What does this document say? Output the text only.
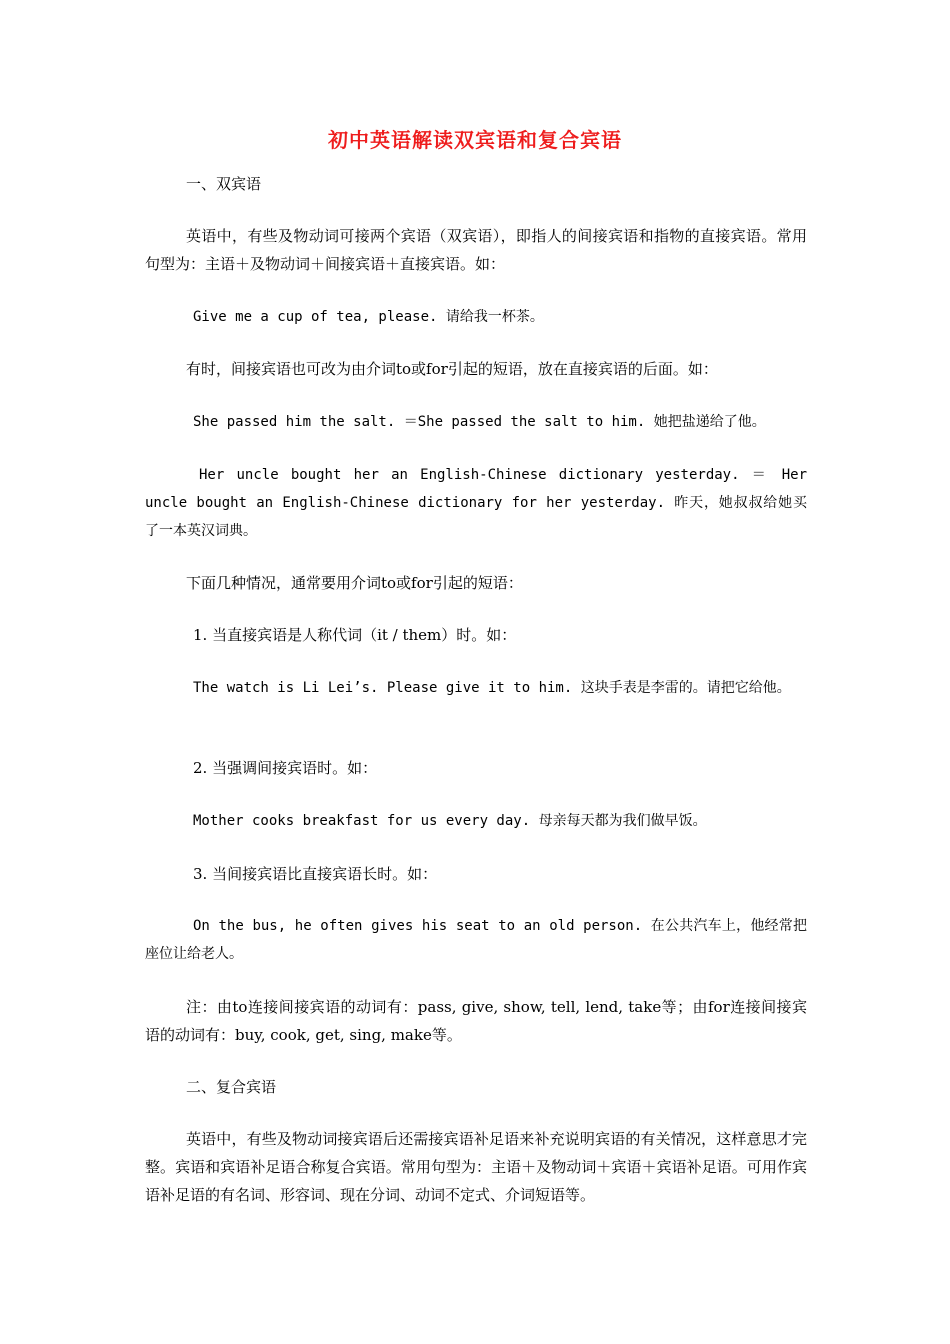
初中英语解读双宾语和复合宾语

一、双宾语

英语中，有些及物动词可接两个宾语（双宾语），即指人的间接宾语和指物的直接宾语。常用句型为：主语＋及物动词＋间接宾语＋直接宾语。如：

Give me a cup of tea, please. 请给我一杯茶。

有时，间接宾语也可改为由介词to或for引起的短语，放在直接宾语的后面。如：

She passed him the salt. ＝She passed the salt to him. 她把盐递给了他。

Her uncle bought her an English-Chinese dictionary yesterday. ＝ Her uncle bought an English-Chinese dictionary for her yesterday. 昨天，她叔叔给她买了一本英汉词典。

下面几种情况，通常要用介词to或for引起的短语：

1. 当直接宾语是人称代词（it / them）时。如：

The watch is Li Lei’s. Please give it to him. 这块手表是李雷的。请把它给他。

2. 当强调间接宾语时。如：

Mother cooks breakfast for us every day. 母亲每天都为我们做早饭。

3. 当间接宾语比直接宾语长时。如：

On the bus, he often gives his seat to an old person. 在公共汽车上，他经常把座位让给老人。

注：由to连接间接宾语的动词有：pass, give, show, tell, lend, take等；由for连接间接宾语的动词有：buy, cook, get, sing, make等。

二、复合宾语

英语中，有些及物动词接宾语后还需接宾语补足语来补充说明宾语的有关情况，这样意思才完整。宾语和宾语补足语合称复合宾语。常用句型为：主语＋及物动词＋宾语＋宾语补足语。可用作宾语补足语的有名词、形容词、现在分词、动词不定式、介词短语等。
